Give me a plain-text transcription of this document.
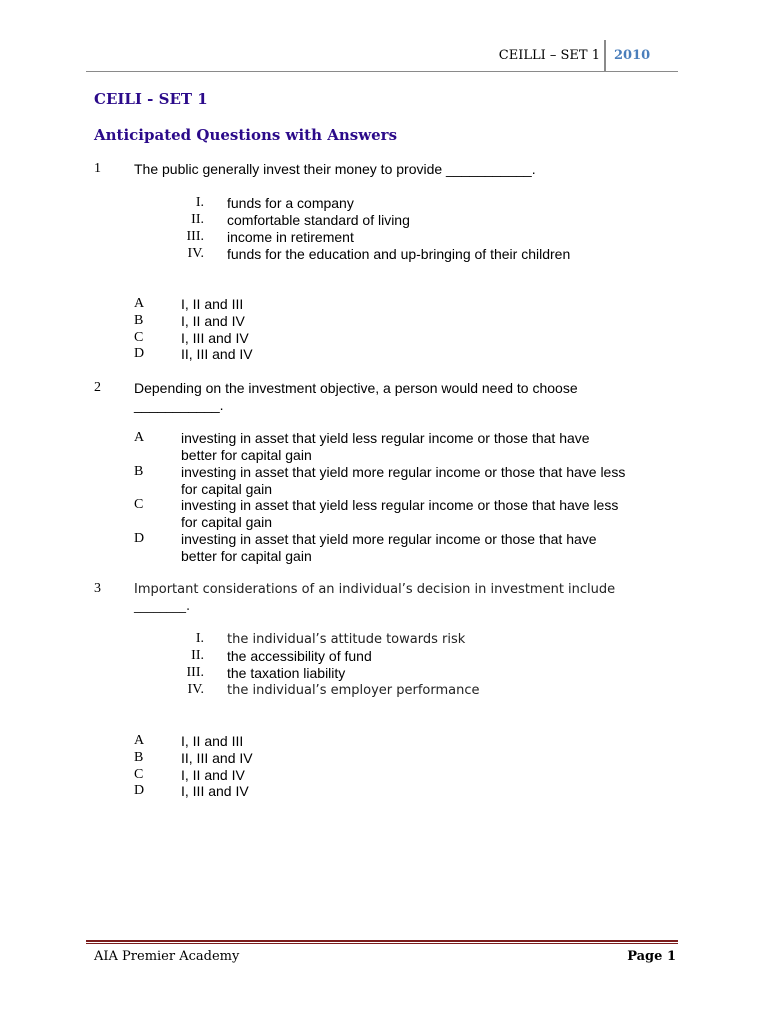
CEILLI – SET 1 2010
CEILI - SET 1
Anticipated Questions with Answers
1 The public generally invest their money to provide ___________.
I. funds for a company
II. comfortable standard of living
III. income in retirement
IV. funds for the education and up-bringing of their children
A	I, II and III
B	I, II and IV
C	I, III and IV
D	II, III and IV
2 Depending on the investment objective, a person would need to choose
___________.
A	investing in asset that yield less regular income or those that have
better for capital gain
B	investing in asset that yield more regular income or those that have less
for capital gain
C	investing in asset that yield less regular income or those that have less
for capital gain
D	investing in asset that yield more regular income or those that have
better for capital gain
3	Important considerations of an individual’s decision in investment include
________.
I. the individual’s attitude towards risk
II. the accessibility of fund
III. the taxation liability
IV. the individual’s employer performance
A	I, II and III
B	II, III and IV
C	I, II and IV
D	I, III and IV
AIA Premier Academy	Page 1
